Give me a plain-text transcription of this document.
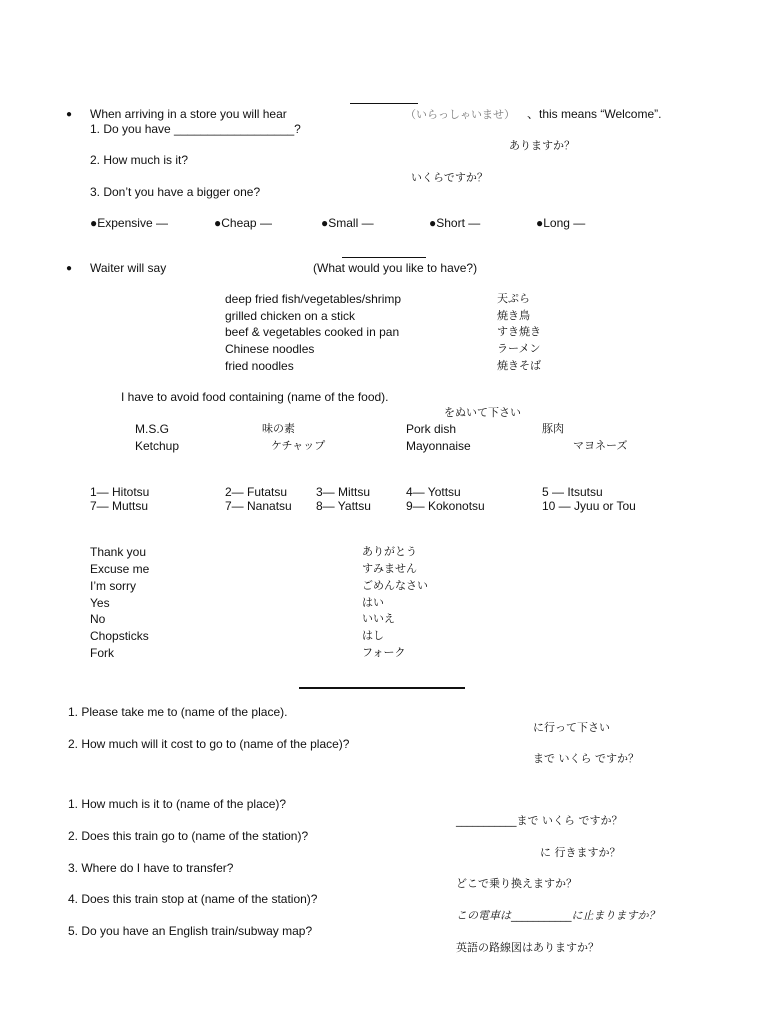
● When arriving in a store you will hear	（いらっしゃいませ） 、this means “Welcome”.
1. Do you have __________________?
ありますか？
2. How much is it?
いくらですか？
3. Don’t you have a bigger one?
●Expensive —	●Cheap —	●Small —	●Short —	●Long —
● Waiter will say	(What would you like to have?)
deep fried fish/vegetables/shrimp	天ぷら
grilled chicken on a stick	焼き鳥
beef & vegetables cooked in pan	すき焼き
Chinese noodles	ラーメン
fried noodles	焼きそば
I have to avoid food containing (name of the food).
をぬいて下さい
M.S.G	味の素	Pork dish	豚肉
Ketchup	ケチャップ	Mayonnaise	マヨネーズ
1— Hitotsu	2— Futatsu 3— Mittsu	4— Yottsu	5 — Itsutsu
7— Muttsu	7— Nanatsu 8— Yattsu	9— Kokonotsu	10 — Jyuu or Tou
Thank you	ありがとう
Excuse me	すみません
I’m sorry	ごめんなさい
Yes	はい
No	いいえ
Chopsticks	はし
Fork	フォーク
1. Please take me to (name of the place).
に行って下さい
2. How much will it cost to go to (name of the place)?
まで いくら ですか？
1. How much is it to (name of the place)?
___________まで いくら ですか？
2. Does this train go to (name of the station)?
に 行きますか？
3. Where do I have to transfer?
どこで乗り換えますか？
4. Does this train stop at (name of the station)?
この電車は___________に止まりますか？
5. Do you have an English train/subway map?
英語の路線図はありますか？
